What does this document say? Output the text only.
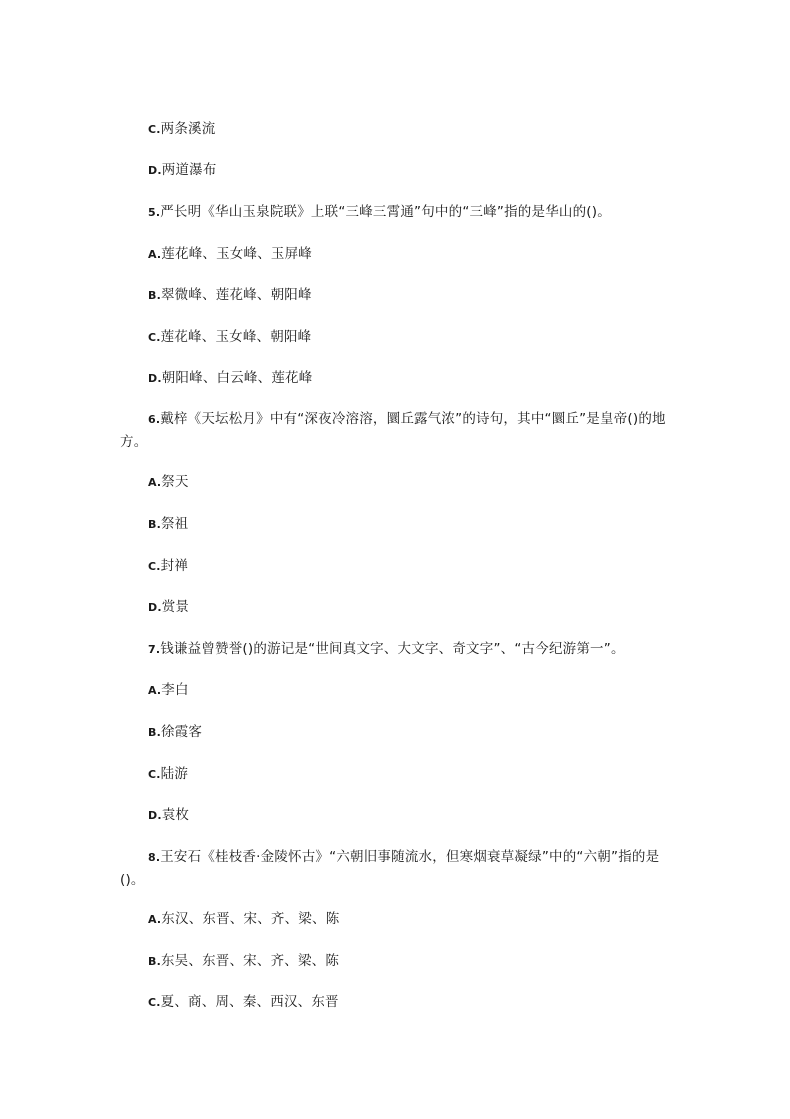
C.两条溪流
D.两道瀑布
5.严长明《华山玉泉院联》上联“三峰三霄通”句中的“三峰”指的是华山的()。
A.莲花峰、玉女峰、玉屏峰
B.翠微峰、莲花峰、朝阳峰
C.莲花峰、玉女峰、朝阳峰
D.朝阳峰、白云峰、莲花峰
6.戴梓《天坛松月》中有“深夜冷溶溶，圜丘露气浓”的诗句，其中“圜丘”是皇帝()的地方。
A.祭天
B.祭祖
C.封禅
D.赏景
7.钱谦益曾赞誉()的游记是“世间真文字、大文字、奇文字”、“古今纪游第一”。
A.李白
B.徐霞客
C.陆游
D.袁枚
8.王安石《桂枝香·金陵怀古》“六朝旧事随流水，但寒烟衰草凝绿”中的“六朝”指的是()。
A.东汉、东晋、宋、齐、梁、陈
B.东吴、东晋、宋、齐、梁、陈
C.夏、商、周、秦、西汉、东晋
